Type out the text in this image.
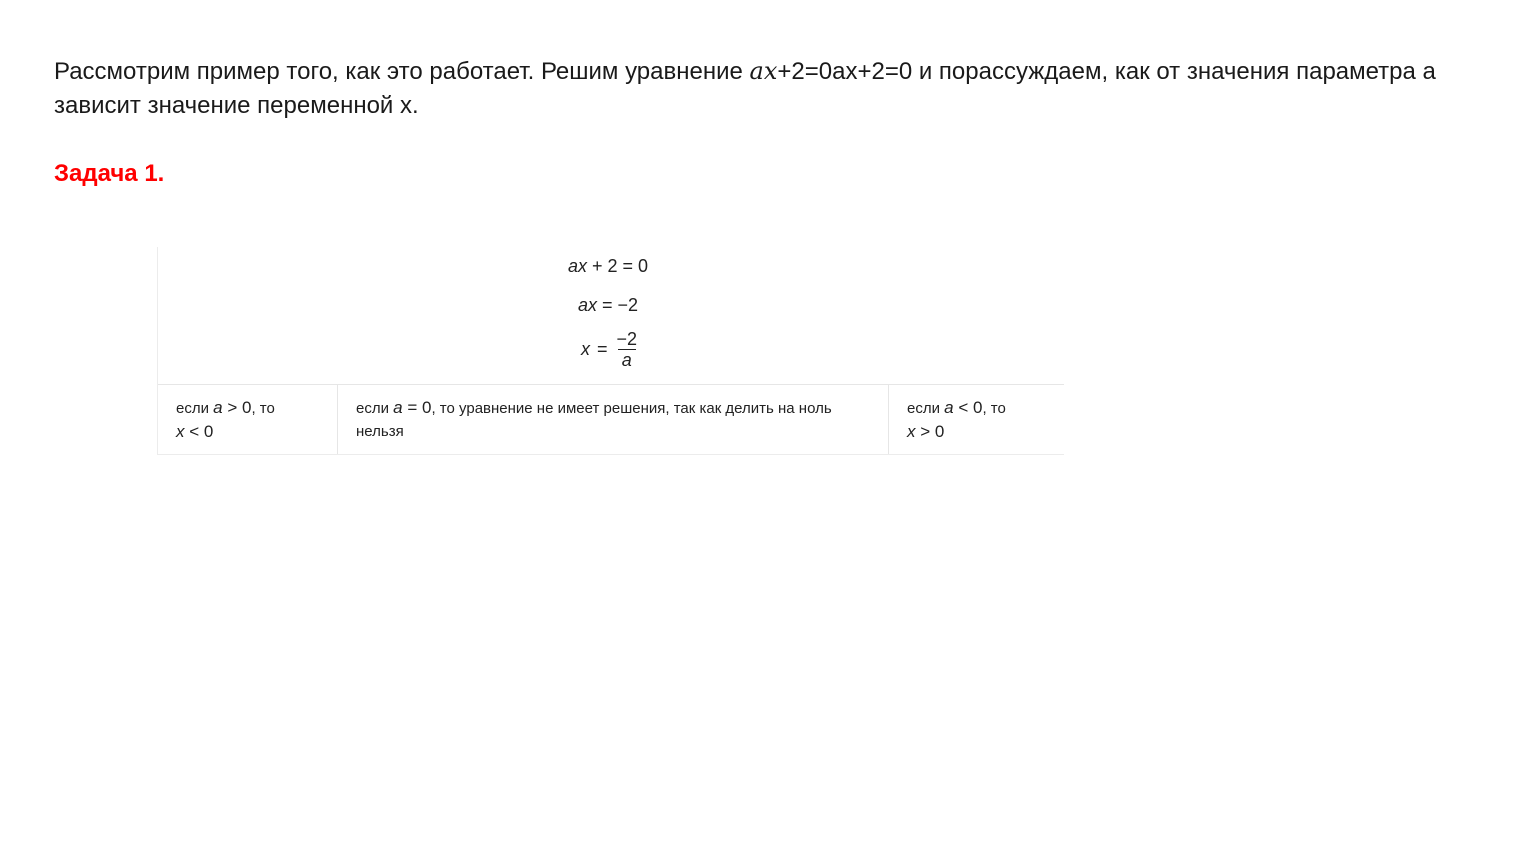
Рассмотрим пример того, как это работает. Решим уравнение 𝑎𝑥+2=0ax+2=0 и порассуждаем, как от значения параметра а зависит значение переменной х.

Задача 1.

ax + 2 = 0
ax = −2
$x = \frac{-2}{a}$
если a > 0, то
x < 0
если a = 0, то уравнение не имеет решения, так как делить на ноль нельзя
если a < 0, то
x > 0
